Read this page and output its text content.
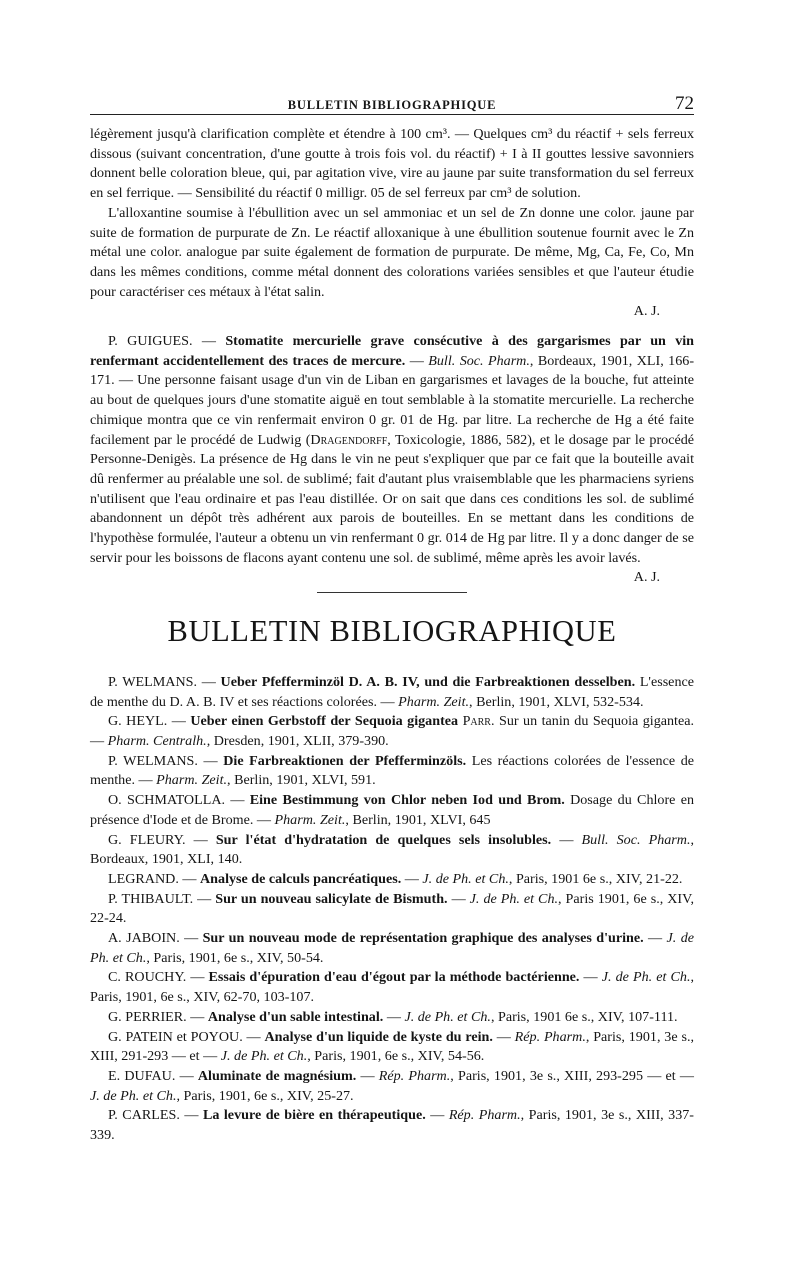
BULLETIN BIBLIOGRAPHIQUE	72

légèrement jusqu'à clarification complète et étendre à 100 cm³. — Quelques cm³ du réactif + sels ferreux dissous (suivant concentration, d'une goutte à trois fois vol. du réactif) + I à II gouttes lessive savonniers donnent belle coloration bleue, qui, par agitation vive, vire au jaune par suite transformation du sel ferreux en sel ferrique. — Sensibilité du réactif 0 milligr. 05 de sel ferreux par cm³ de solution.

L'alloxantine soumise à l'ébullition avec un sel ammoniac et un sel de Zn donne une color. jaune par suite de formation de purpurate de Zn. Le réactif alloxanique à une ébullition soutenue fournit avec le Zn métal une color. analogue par suite également de formation de purpurate. De même, Mg, Ca, Fe, Co, Mn dans les mêmes conditions, comme métal donnent des colorations variées sensibles et que l'auteur étudie pour caractériser ces métaux à l'état salin.

A. J.

P. GUIGUES. — Stomatite mercurielle grave consécutive à des gargarismes par un vin renfermant accidentellement des traces de mercure. — Bull. Soc. Pharm., Bordeaux, 1901, XLI, 166-171. — Une personne faisant usage d'un vin de Liban en gargarismes et lavages de la bouche, fut atteinte au bout de quelques jours d'une stomatite aiguë en tout semblable à la stomatite mercurielle. La recherche chimique montra que ce vin renfermait environ 0 gr. 01 de Hg. par litre. La recherche de Hg a été faite facilement par le procédé de Ludwig (Dragendorff, Toxicologie, 1886, 582), et le dosage par le procédé Personne-Denigès. La présence de Hg dans le vin ne peut s'expliquer que par ce fait que la bouteille avait dû renfermer au préalable une sol. de sublimé; fait d'autant plus vraisemblable que les pharmaciens syriens n'utilisent que l'eau ordinaire et pas l'eau distillée. Or on sait que dans ces conditions les sol. de sublimé abandonnent un dépôt très adhérent aux parois de bouteilles. En se mettant dans les conditions de l'hypothèse formulée, l'auteur a obtenu un vin renfermant 0 gr. 014 de Hg par litre. Il y a donc danger de se servir pour les boissons de flacons ayant contenu une sol. de sublimé, même après les avoir lavés.

A. J.
BULLETIN BIBLIOGRAPHIQUE

P. WELMANS. — Ueber Pfefferminzöl D. A. B. IV, und die Farbreaktionen desselben. L'essence de menthe du D. A. B. IV et ses réactions colorées. — Pharm. Zeit., Berlin, 1901, XLVI, 532-534.

G. HEYL. — Ueber einen Gerbstoff der Sequoia gigantea Parr. Sur un tanin du Sequoia gigantea. — Pharm. Centralh., Dresden, 1901, XLII, 379-390.

P. WELMANS. — Die Farbreaktionen der Pfefferminzöls. Les réactions colorées de l'essence de menthe. — Pharm. Zeit., Berlin, 1901, XLVI, 591.

O. SCHMATOLLA. — Eine Bestimmung von Chlor neben Iod und Brom. Dosage du Chlore en présence d'Iode et de Brome. — Pharm. Zeit., Berlin, 1901, XLVI, 645

G. FLEURY. — Sur l'état d'hydratation de quelques sels insolubles. — Bull. Soc. Pharm., Bordeaux, 1901, XLI, 140.

LEGRAND. — Analyse de calculs pancréatiques. — J. de Ph. et Ch., Paris, 1901 6e s., XIV, 21-22.

P. THIBAULT. — Sur un nouveau salicylate de Bismuth. — J. de Ph. et Ch., Paris 1901, 6e s., XIV, 22-24.

A. JABOIN. — Sur un nouveau mode de représentation graphique des analyses d'urine. — J. de Ph. et Ch., Paris, 1901, 6e s., XIV, 50-54.

C. ROUCHY. — Essais d'épuration d'eau d'égout par la méthode bactérienne. — J. de Ph. et Ch., Paris, 1901, 6e s., XIV, 62-70, 103-107.

G. PERRIER. — Analyse d'un sable intestinal. — J. de Ph. et Ch., Paris, 1901 6e s., XIV, 107-111.

G. PATEIN et POYOU. — Analyse d'un liquide de kyste du rein. — Rép. Pharm., Paris, 1901, 3e s., XIII, 291-293 — et — J. de Ph. et Ch., Paris, 1901, 6e s., XIV, 54-56.

E. DUFAU. — Aluminate de magnésium. — Rép. Pharm., Paris, 1901, 3e s., XIII, 293-295 — et — J. de Ph. et Ch., Paris, 1901, 6e s., XIV, 25-27.

P. CARLES. — La levure de bière en thérapeutique. — Rép. Pharm., Paris, 1901, 3e s., XIII, 337-339.
